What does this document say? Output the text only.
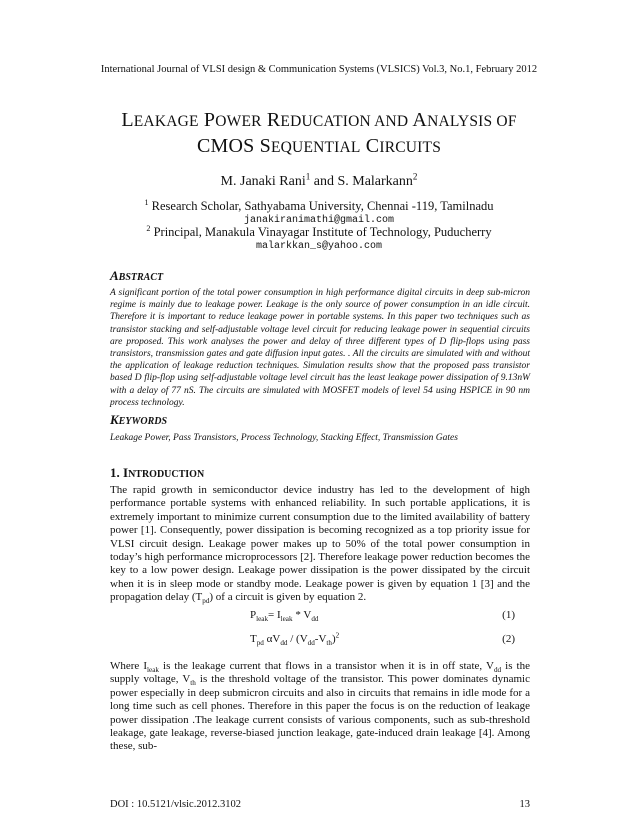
International Journal of VLSI design & Communication Systems (VLSICS) Vol.3, No.1, February 2012
LEAKAGE POWER REDUCATION AND ANALYSIS OF
CMOS SEQUENTIAL CIRCUITS
M. Janaki Rani$^1$ and S. Malarkann$^2$
$^1$ Research Scholar, Sathyabama University, Chennai -119, Tamilnadu
janakiranimathi@gmail.com
$^2$ Principal, Manakula Vinayagar Institute of Technology, Puducherry
malarkkan_s@yahoo.com
ABSTRACT
A significant portion of the total power consumption in high performance digital circuits in deep sub-micron regime is mainly due to leakage power. Leakage is the only source of power consumption in an idle circuit. Therefore it is important to reduce leakage power in portable systems. In this paper two techniques such as transistor stacking and self-adjustable voltage level circuit for reducing leakage power in sequential circuits are proposed. This work analyses the power and delay of three different types of D flip-flops using pass transistors, transmission gates and gate diffusion input gates. . All the circuits are simulated with and without the application of leakage reduction techniques. Simulation results show that the proposed pass transistor based D flip-flop using self-adjustable voltage level circuit has the least leakage power dissipation of 9.13nW with a delay of 77 nS. The circuits are simulated with MOSFET models of level 54 using HSPICE in 90 nm process technology.
KEYWORDS
Leakage Power, Pass Transistors, Process Technology, Stacking Effect, Transmission Gates
1. INTRODUCTION
The rapid growth in semiconductor device industry has led to the development of high performance portable systems with enhanced reliability. In such portable applications, it is extremely important to minimize current consumption due to the limited availability of battery power [1]. Consequently, power dissipation is becoming recognized as a top priority issue for VLSI circuit design. Leakage power makes up to 50% of the total power consumption in today’s high performance microprocessors [2]. Therefore leakage power reduction becomes the key to a low power design. Leakage power dissipation is the power dissipated by the circuit when it is in sleep mode or standby mode. Leakage power is given by equation 1 [3] and the propagation delay $(T_{pd})$ of a circuit is given by equation 2.
$P_{leak}= I_{leak} * V_{dd}$	(1)
$T_{pd}$ $\alpha V_{dd} / (V_{dd}-V_{th})^2$	(2)
Where $I_{leak}$ is the leakage current that flows in a transistor when it is in off state, $V_{dd}$ is the supply voltage, $V_{th}$ is the threshold voltage of the transistor. This power dominates dynamic power especially in deep submicron circuits and also in circuits that remains in idle mode for a long time such as cell phones. Therefore in this paper the focus is on the reduction of leakage power dissipation .The leakage current consists of various components, such as sub-threshold leakage, gate leakage, reverse-biased junction leakage, gate-induced drain leakage [4]. Among these, sub-
DOI : 10.5121/vlsic.2012.3102	13
